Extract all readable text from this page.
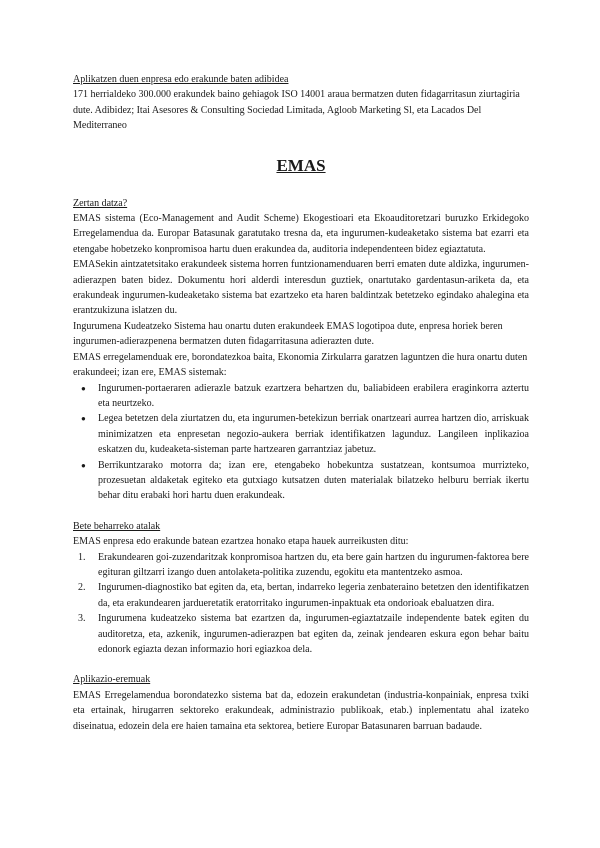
Aplikatzen duen enpresa edo erakunde baten adibidea

171 herrialdeko 300.000 erakundek baino gehiagok ISO 14001 araua bermatzen duten fidagarritasun ziurtagiria dute. Adibidez; Itai Asesores & Consulting Sociedad Limitada, Agloob Marketing Sl, eta Lacados Del Mediterraneo

EMAS

Zertan datza?

EMAS sistema (Eco-Management and Audit Scheme) Ekogestioari eta Ekoauditoretzari buruzko Erkidegoko Erregelamendua da. Europar Batasunak garatutako tresna da, eta ingurumen-kudeaketako sistema bat ezarri eta etengabe hobetzeko konpromisoa hartu duen erakundea da, auditoria independenteen bidez egiaztatuta.

EMASekin aintzatetsitako erakundeek sistema horren funtzionamenduaren berri ematen dute aldizka, ingurumen-adierazpen baten bidez. Dokumentu hori alderdi interesdun guztiek, onartutako gardentasun-ariketa da, eta erakundeak ingurumen-kudeaketako sistema bat ezartzeko eta haren baldintzak betetzeko egindako ahalegina eta erantzukizuna islatzen du.

Ingurumena Kudeatzeko Sistema hau onartu duten erakundeek EMAS logotipoa dute, enpresa horiek beren ingurumen-adierazpenena bermatzen duten fidagarritasuna adierazten dute.

EMAS erregelamenduak ere, borondatezkoa baita, Ekonomia Zirkularra garatzen laguntzen die hura onartu duten erakundeei; izan ere, EMAS sistemak:

● Ingurumen-portaeraren adierazle batzuk ezartzera behartzen du, baliabideen erabilera eraginkorra aztertu eta neurtzeko.
● Legea betetzen dela ziurtatzen du, eta ingurumen-betekizun berriak onartzeari aurrea hartzen dio, arriskuak minimizatzen eta enpresetan negozio-aukera berriak identifikatzen lagunduz. Langileen inplikazioa eskatzen du, kudeaketa-sisteman parte hartzearen garrantziaz jabetuz.
● Berrikuntzarako motorra da; izan ere, etengabeko hobekuntza sustatzean, kontsumoa murrizteko, prozesuetan aldaketak egiteko eta gutxiago kutsatzen duten materialak bilatzeko helburu berriak ikertu behar ditu erabaki hori hartu duen erakundeak.

Bete beharreko atalak

EMAS enpresa edo erakunde batean ezartzea honako etapa hauek aurreikusten ditu:

1. Erakundearen goi-zuzendaritzak konpromisoa hartzen du, eta bere gain hartzen du ingurumen-faktorea bere egituran giltzarri izango duen antolaketa-politika zuzendu, egokitu eta mantentzeko asmoa.
2. Ingurumen-diagnostiko bat egiten da, eta, bertan, indarreko legeria zenbateraino betetzen den identifikatzen da, eta erakundearen jardueretatik eratorritako ingurumen-inpaktuak eta ondorioak ebaluatzen dira.
3. Ingurumena kudeatzeko sistema bat ezartzen da, ingurumen-egiaztatzaile independente batek egiten du auditoretza, eta, azkenik, ingurumen-adierazpen bat egiten da, zeinak jendearen eskura egon behar baitu edonork egiazta dezan informazio hori egiazkoa dela.

Aplikazio-eremuak

EMAS Erregelamendua borondatezko sistema bat da, edozein erakundetan (industria-konpainiak, enpresa txiki eta ertainak, hirugarren sektoreko erakundeak, administrazio publikoak, etab.) inplementatu ahal izateko diseinatua, edozein dela ere haien tamaina eta sektorea, betiere Europar Batasunaren barruan badaude.
